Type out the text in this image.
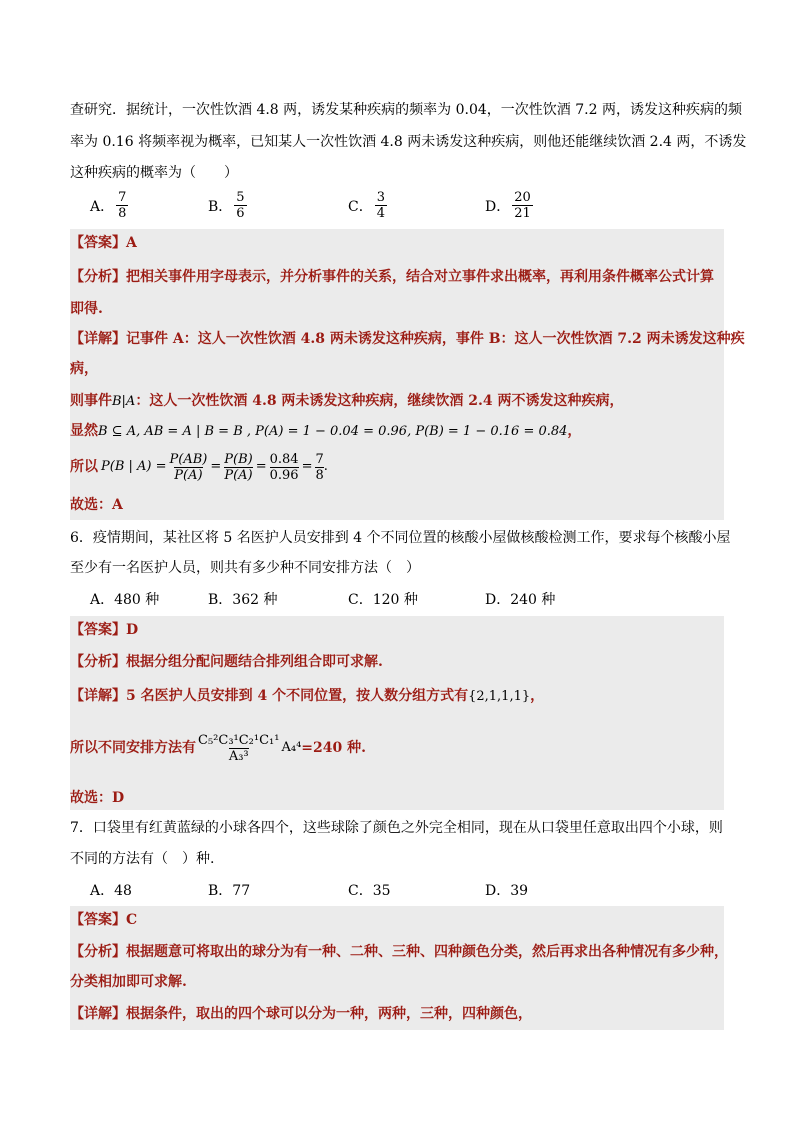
查研究．据统计，一次性饮酒 4.8 两，诱发某种疾病的频率为 0.04，一次性饮酒 7.2 两，诱发这种疾病的频
率为 0.16 将频率视为概率，已知某人一次性饮酒 4.8 两未诱发这种疾病，则他还能继续饮酒 2.4 两，不诱发
这种疾病的概率为（　　）
A． $\frac{7}{8}$	B． $\frac{5}{6}$	C． $\frac{3}{4}$	D． $\frac{20}{21}$
【答案】A
【分析】把相关事件用字母表示，并分析事件的关系，结合对立事件求出概率，再利用条件概率公式计算
即得.
【详解】记事件 A：这人一次性饮酒 4.8 两未诱发这种疾病，事件 B：这人一次性饮酒 7.2 两未诱发这种疾
病，
则事件B|A：这人一次性饮酒 4.8 两未诱发这种疾病，继续饮酒 2.4 两不诱发这种疾病，
显然B ⊆ A, AB = A | B = B , P(A) = 1 − 0.04 = 0.96, P(B) = 1 − 0.16 = 0.84，
所以 P(B | $A) = \frac{P(AB)}{P(A)} = \frac{P(B)}{P(A)} = \frac{0.84}{0.96} = \frac{7}{8}$ .
故选：A
6．疫情期间，某社区将 5 名医护人员安排到 4 个不同位置的核酸小屋做核酸检测工作，要求每个核酸小屋
至少有一名医护人员，则共有多少种不同安排方法（　）
A．480 种	B．362 种	C．120 种	D．240 种
【答案】D
【分析】根据分组分配问题结合排列组合即可求解.
【详解】5 名医护人员安排到 4 个不同位置，按人数分组方式有{2,1,1,1}，
所以不同安排方法有 C₅²C₃¹C₂¹C₁¹
A₃³
A₄⁴ =240 种.
故选：D
7．口袋里有红黄蓝绿的小球各四个，这些球除了颜色之外完全相同，现在从口袋里任意取出四个小球，则
不同的方法有（　）种.
A．48	B．77	C．35	D．39
【答案】C
【分析】根据题意可将取出的球分为有一种、二种、三种、四种颜色分类，然后再求出各种情况有多少种，
分类相加即可求解.
【详解】根据条件，取出的四个球可以分为一种，两种，三种，四种颜色，
